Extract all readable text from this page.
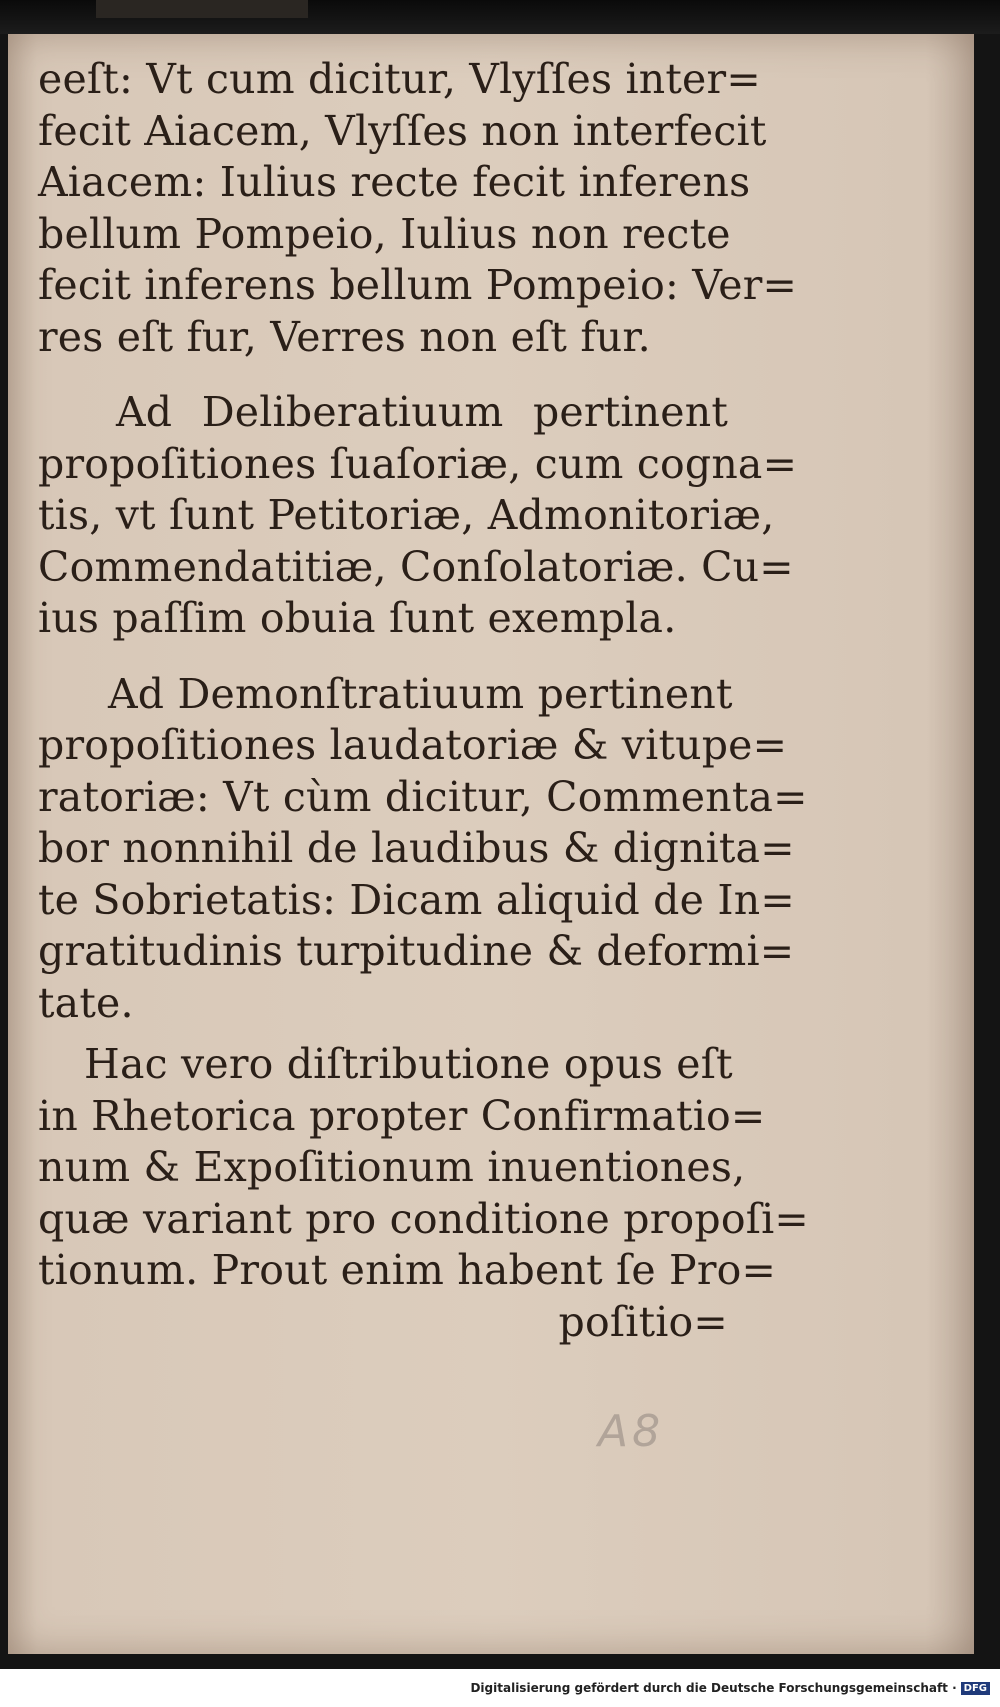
eeſt: Vt cum dicitur, Vlyſſes inter=
fecit Aiacem, Vlyſſes non interfecit
Aiacem: Iulius recte fecit inferens
bellum Pompeio, Iulius non recte
fecit inferens bellum Pompeio: Ver=
res eſt fur, Verres non eſt fur.
Ad Deliberatiuum pertinent
propoſitiones ſuaſoriæ, cum cogna=
tis, vt ſunt Petitoriæ, Admonitoriæ,
Commendatitiæ, Conſolatoriæ. Cu=
ius paſſim obuia ſunt exempla.
Ad Demonſtratiuum pertinent
propoſitiones laudatoriæ & vitupe=
ratoriæ: Vt cùm dicitur, Commenta=
bor nonnihil de laudibus & dignita=
te Sobrietatis: Dicam aliquid de In=
gratitudinis turpitudine & deformi=
tate.
Hac vero diſtributione opus eſt
in Rhetorica propter Confirmatio=
num & Expoſitionum inuentiones,
quæ variant pro conditione propoſi=
tionum. Prout enim habent ſe Pro=
poſitio=
A8
Digitalisierung gefördert durch die Deutsche Forschungsgemeinschaft · DFG
